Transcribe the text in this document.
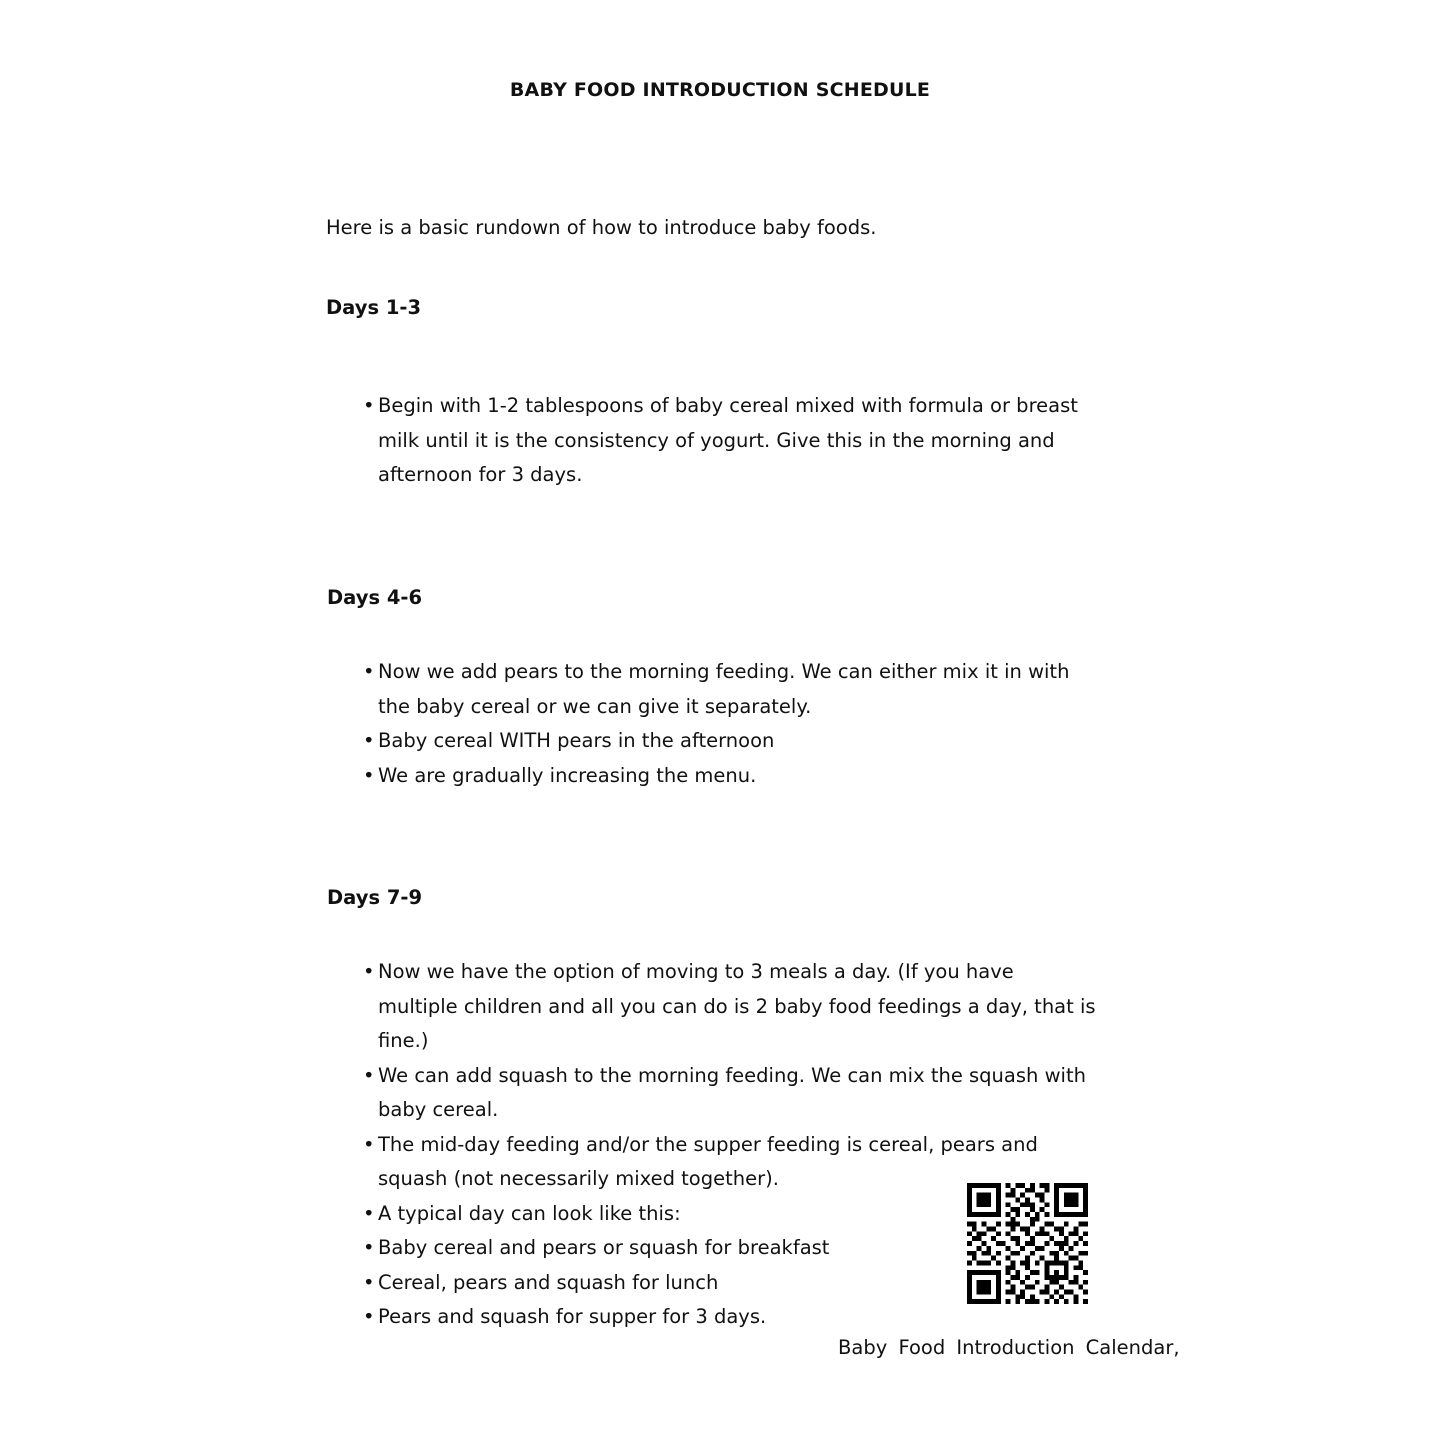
BABY FOOD INTRODUCTION SCHEDULE

Here is a basic rundown of how to introduce baby foods.

Days 1-3

• Begin with 1-2 tablespoons of baby cereal mixed with formula or breast milk until it is the consistency of yogurt. Give this in the morning and afternoon for 3 days.

Days 4-6

• Now we add pears to the morning feeding. We can either mix it in with the baby cereal or we can give it separately.
• Baby cereal WITH pears in the afternoon
• We are gradually increasing the menu.

Days 7-9

• Now we have the option of moving to 3 meals a day. (If you have multiple children and all you can do is 2 baby food feedings a day, that is fine.)
• We can add squash to the morning feeding. We can mix the squash with baby cereal.
• The mid-day feeding and/or the supper feeding is cereal, pears and squash (not necessarily mixed together).
• A typical day can look like this:
• Baby cereal and pears or squash for breakfast
• Cereal, pears and squash for lunch
• Pears and squash for supper for 3 days.

Baby Food Introduction Calendar,
